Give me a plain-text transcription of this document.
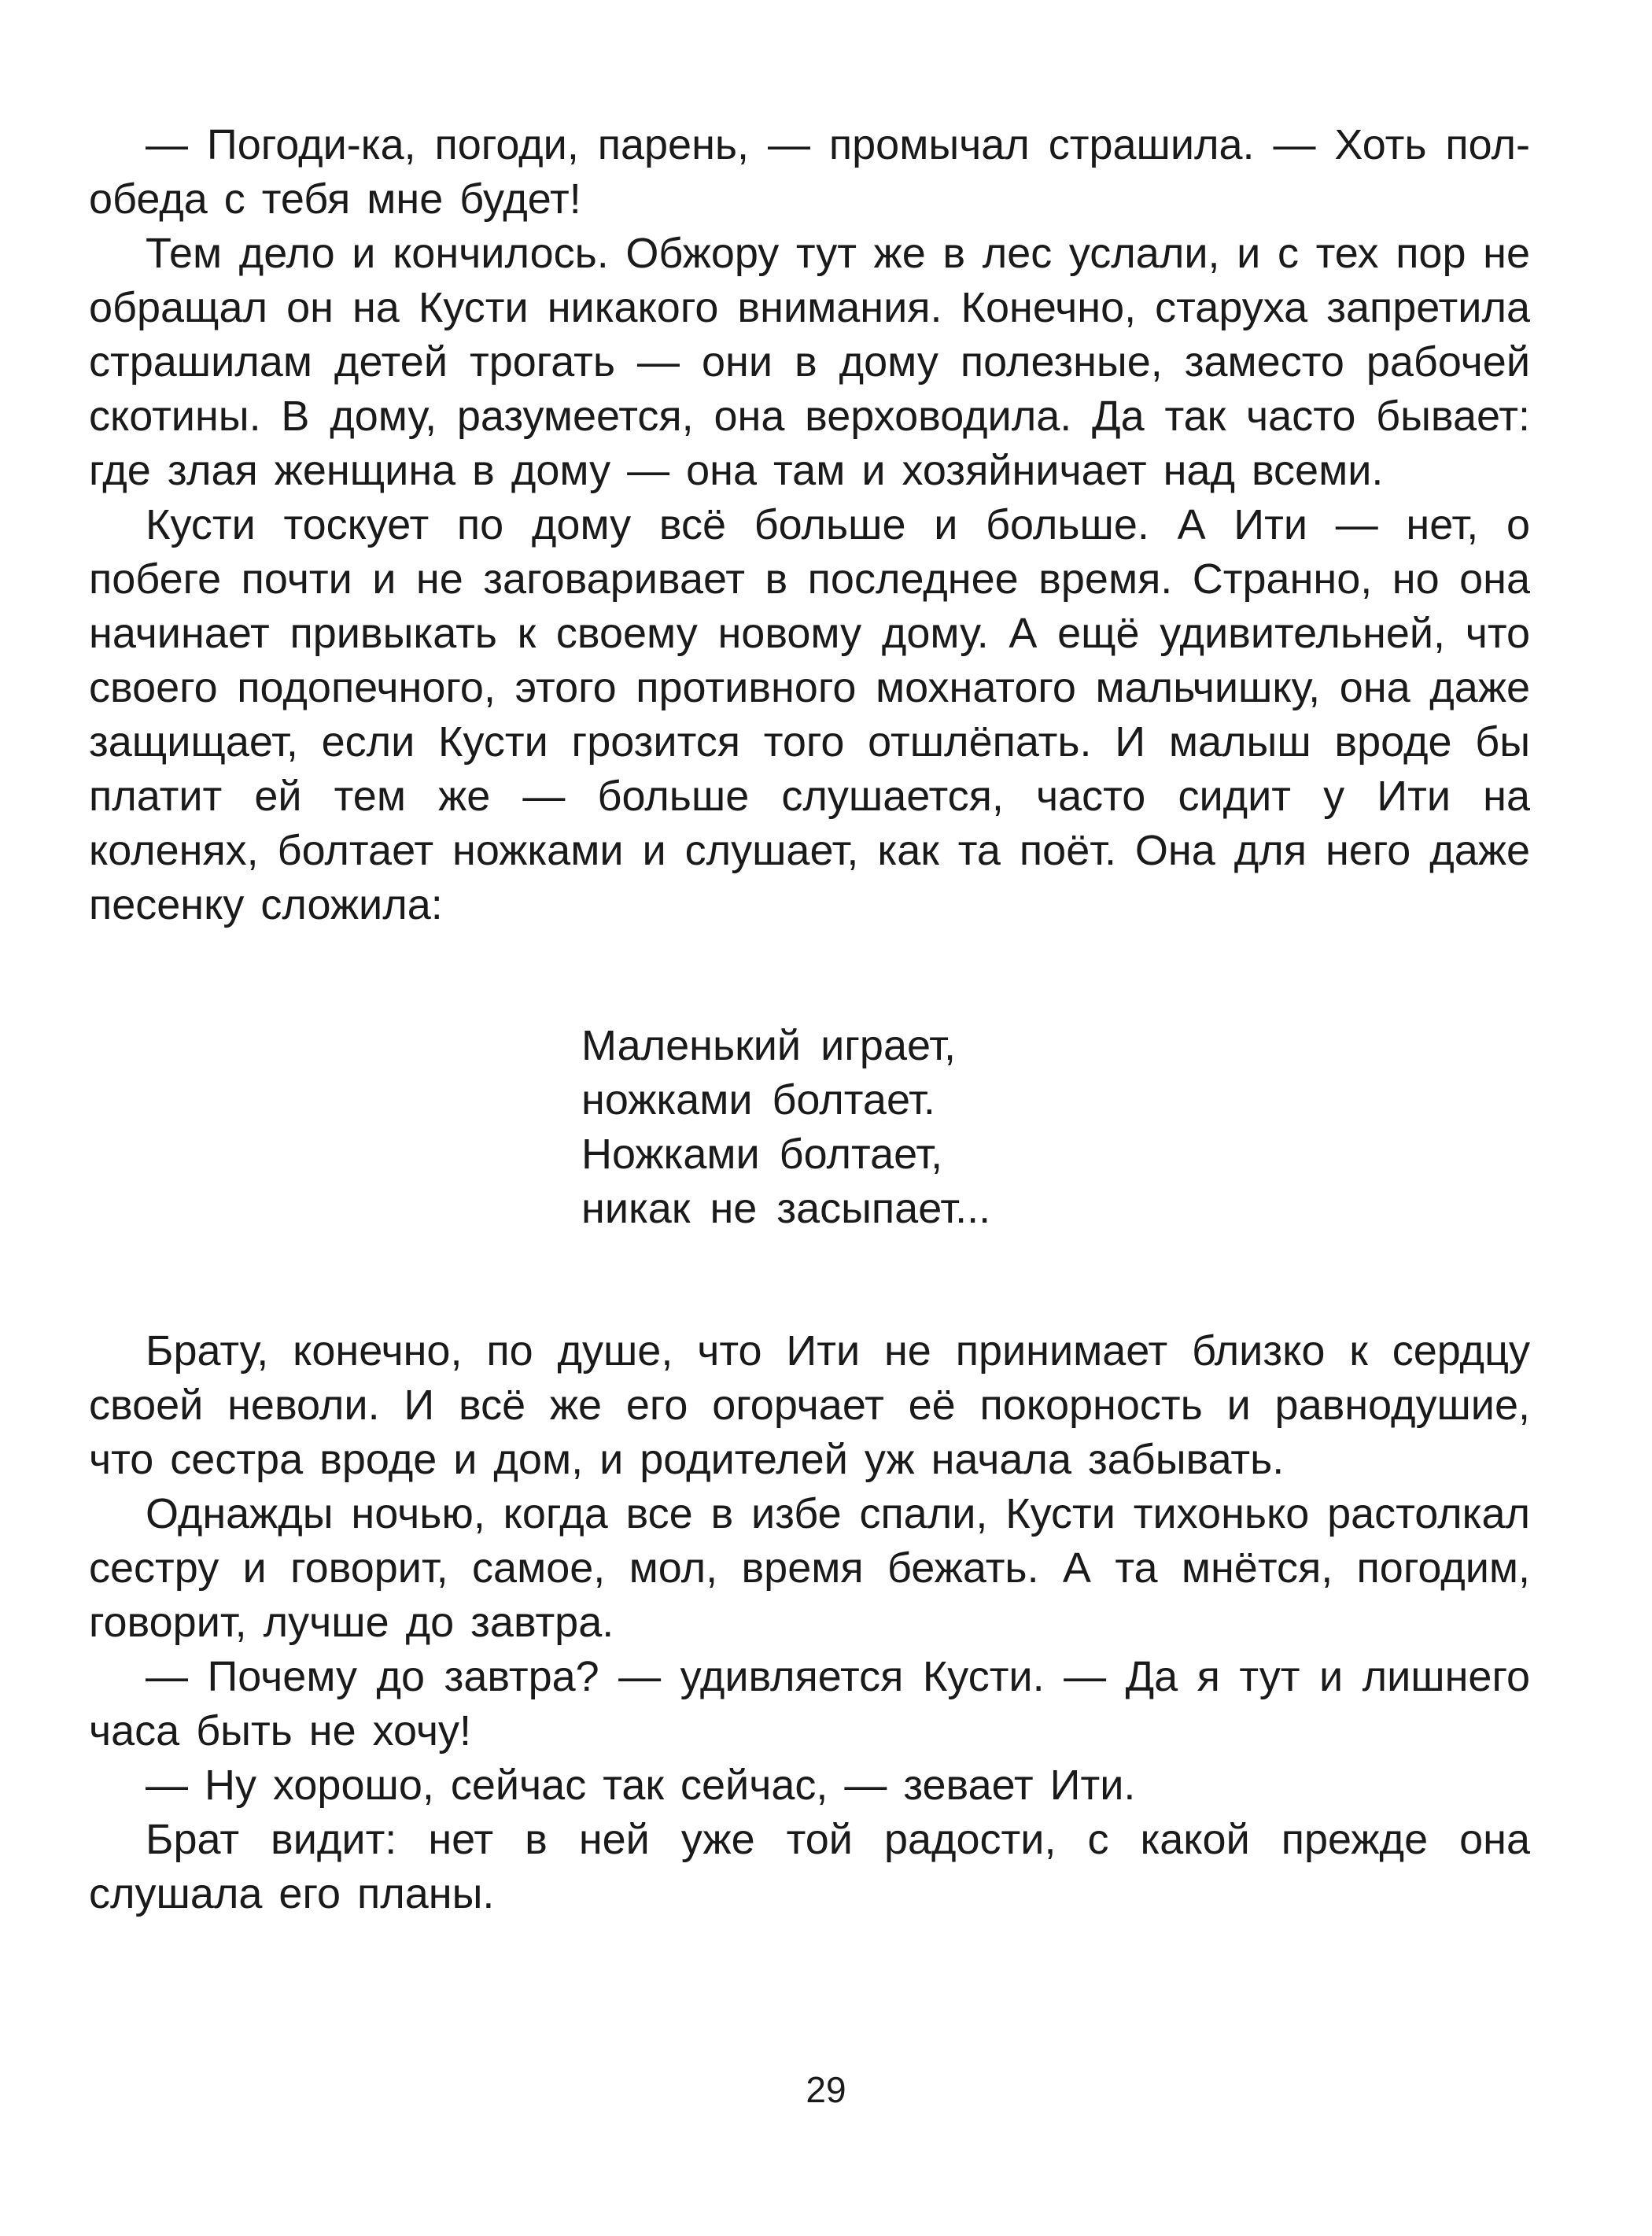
— Погоди-ка, погоди, парень, — промычал страшила. — Хоть пол-обеда с тебя мне будет!

Тем дело и кончилось. Обжору тут же в лес услали, и с тех пор не обращал он на Кусти никакого внимания. Конечно, старуха запретила страшилам детей трогать — они в дому полезные, заместо рабочей скотины. В дому, разумеется, она верховодила. Да так часто бывает: где злая женщина в дому — она там и хозяйничает над всеми.

Кусти тоскует по дому всё больше и больше. А Ити — нет, о побеге почти и не заговаривает в последнее время. Странно, но она начинает привыкать к своему новому дому. А ещё удивительней, что своего подопечного, этого противного мохнатого мальчишку, она даже защищает, если Кусти грозится того отшлёпать. И малыш вроде бы платит ей тем же — больше слушается, часто сидит у Ити на коленях, болтает ножками и слушает, как та поёт. Она для него даже песенку сложила:

Маленький играет,
ножками болтает.
Ножками болтает,
никак не засыпает...

Брату, конечно, по душе, что Ити не принимает близко к сердцу своей неволи. И всё же его огорчает её покорность и равнодушие, что сестра вроде и дом, и родителей уж начала забывать.

Однажды ночью, когда все в избе спали, Кусти тихонько растолкал сестру и говорит, самое, мол, время бежать. А та мнётся, погодим, говорит, лучше до завтра.

— Почему до завтра? — удивляется Кусти. — Да я тут и лишнего часа быть не хочу!

— Ну хорошо, сейчас так сейчас, — зевает Ити.

Брат видит: нет в ней уже той радости, с какой прежде она слушала его планы.

29
